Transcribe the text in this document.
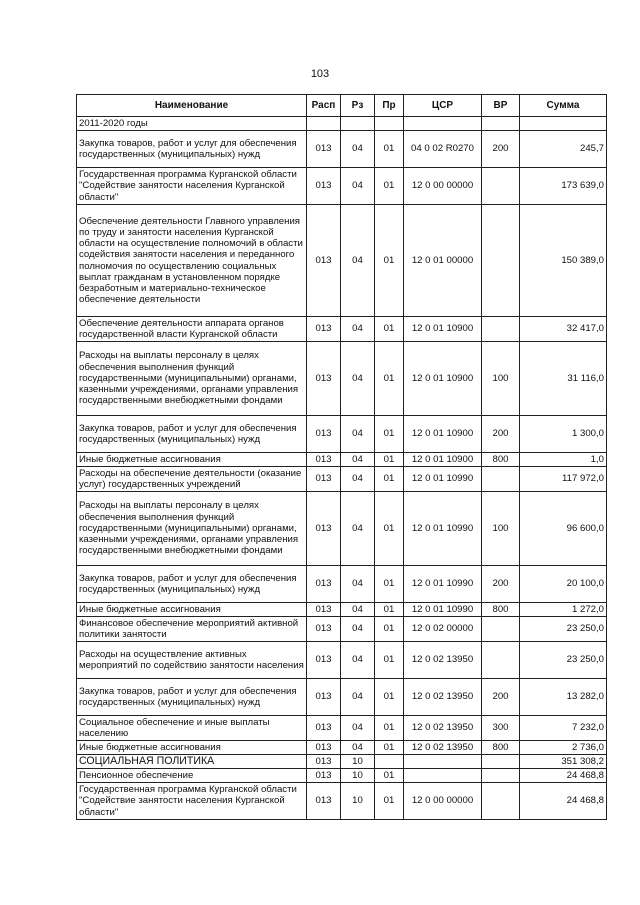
103
Наименование	Расп	Рз	Пр	ЦСР	ВР	Сумма
2011-2020 годы						
Закупка товаров, работ и услуг для обеспечения государственных (муниципальных) нужд	013	04	01	04 0 02 R0270	200	245,7
Государственная программа Курганской области "Содействие занятости населения Курганской области"	013	04	01	12 0 00 00000		173 639,0
Обеспечение деятельности Главного управления по труду и занятости населения Курганской области на осуществление полномочий в области содействия занятости населения и переданного полномочия по осуществлению социальных выплат гражданам в установленном порядке безработным и материально-техническое обеспечение деятельности	013	04	01	12 0 01 00000		150 389,0
Обеспечение деятельности аппарата органов государственной власти Курганской области	013	04	01	12 0 01 10900		32 417,0
Расходы на выплаты персоналу в целях обеспечения выполнения функций государственными (муниципальными) органами, казенными учреждениями, органами управления государственными внебюджетными фондами	013	04	01	12 0 01 10900	100	31 116,0
Закупка товаров, работ и услуг для обеспечения государственных (муниципальных) нужд	013	04	01	12 0 01 10900	200	1 300,0
Иные бюджетные ассигнования	013	04	01	12 0 01 10900	800	1,0
Расходы на обеспечение деятельности (оказание услуг) государственных учреждений	013	04	01	12 0 01 10990		117 972,0
Расходы на выплаты персоналу в целях обеспечения выполнения функций государственными (муниципальными) органами, казенными учреждениями, органами управления государственными внебюджетными фондами	013	04	01	12 0 01 10990	100	96 600,0
Закупка товаров, работ и услуг для обеспечения государственных (муниципальных) нужд	013	04	01	12 0 01 10990	200	20 100,0
Иные бюджетные ассигнования	013	04	01	12 0 01 10990	800	1 272,0
Финансовое обеспечение мероприятий активной политики занятости	013	04	01	12 0 02 00000		23 250,0
Расходы на осуществление активных мероприятий по содействию занятости населения	013	04	01	12 0 02 13950		23 250,0
Закупка товаров, работ и услуг для обеспечения государственных (муниципальных) нужд	013	04	01	12 0 02 13950	200	13 282,0
Социальное обеспечение и иные выплаты населению	013	04	01	12 0 02 13950	300	7 232,0
Иные бюджетные ассигнования	013	04	01	12 0 02 13950	800	2 736,0
СОЦИАЛЬНАЯ ПОЛИТИКА	013	10				351 308,2
Пенсионное обеспечение	013	10	01			24 468,8
Государственная программа Курганской области "Содействие занятости населения Курганской области"	013	10	01	12 0 00 00000		24 468,8
